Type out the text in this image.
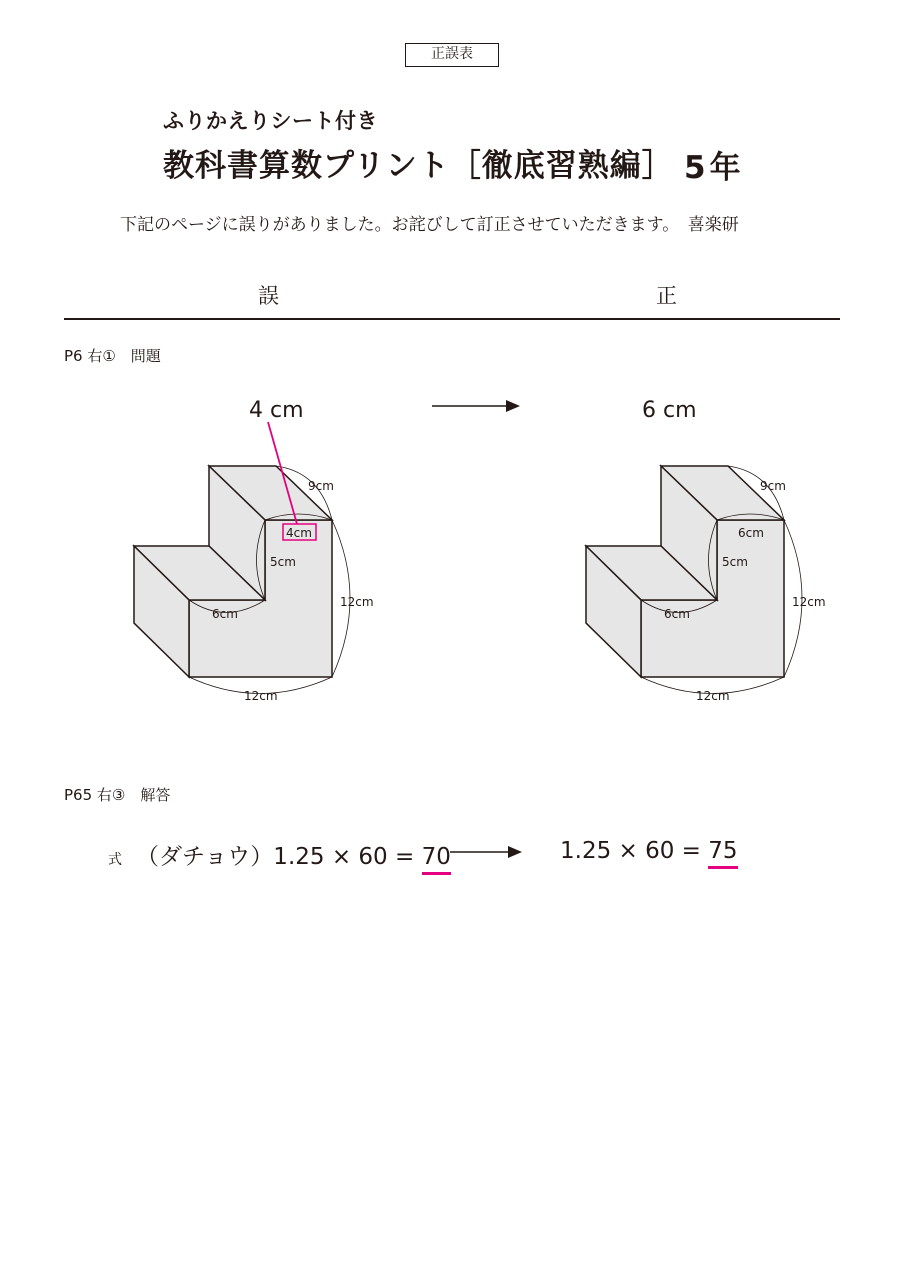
正誤表
ふりかえりシート付き
教科書算数プリント［徹底習熟編］ 5年
下記のページに誤りがありました。お詫びして訂正させていただきます。　喜楽研
誤	正
P6 右①　問題
4 cm	6 cm
9cm
4cm
5cm
6cm
12cm
12cm
9cm
6cm
5cm
6cm
12cm
12cm
P65 右③　解答
式 （ダチョウ）1.25 × 60 = 70	1.25 × 60 = 75
